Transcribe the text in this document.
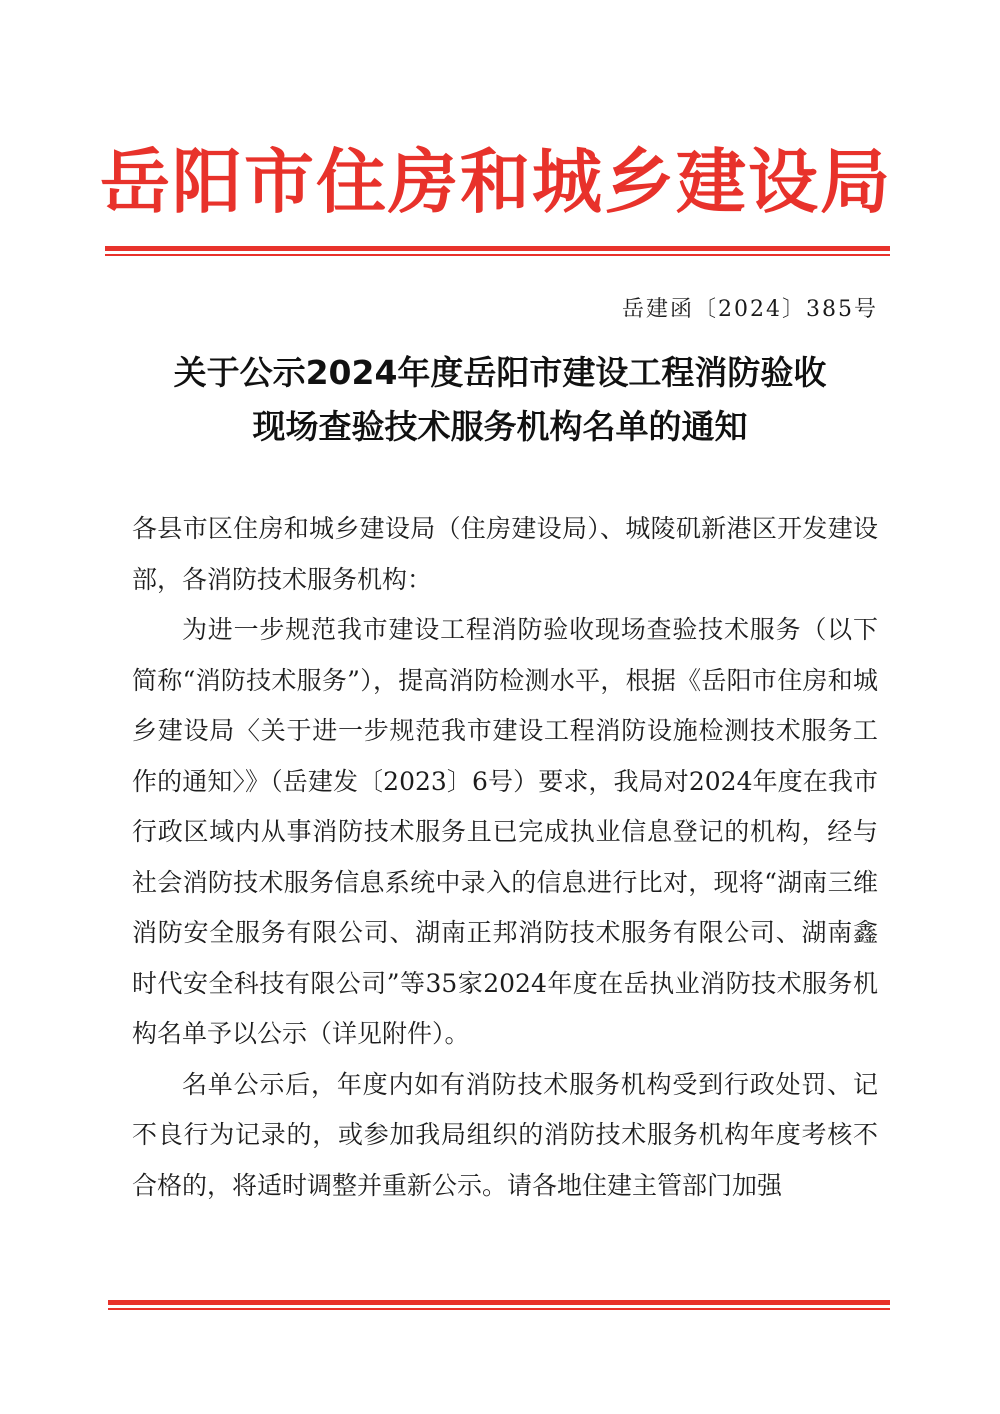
岳阳市住房和城乡建设局
岳建函〔2024〕385号
关于公示2024年度岳阳市建设工程消防验收
现场查验技术服务机构名单的通知

各县市区住房和城乡建设局（住房建设局）、城陵矶新港区开发建设部，各消防技术服务机构：

为进一步规范我市建设工程消防验收现场查验技术服务（以下简称“消防技术服务”），提高消防检测水平，根据《岳阳市住房和城乡建设局〈关于进一步规范我市建设工程消防设施检测技术服务工作的通知〉》（岳建发〔2023〕6号）要求，我局对2024年度在我市行政区域内从事消防技术服务且已完成执业信息登记的机构，经与社会消防技术服务信息系统中录入的信息进行比对，现将“湖南三维消防安全服务有限公司、湖南正邦消防技术服务有限公司、湖南鑫时代安全科技有限公司”等35家2024年度在岳执业消防技术服务机构名单予以公示（详见附件）。

名单公示后，年度内如有消防技术服务机构受到行政处罚、记不良行为记录的，或参加我局组织的消防技术服务机构年度考核不合格的，将适时调整并重新公示。请各地住建主管部门加强
